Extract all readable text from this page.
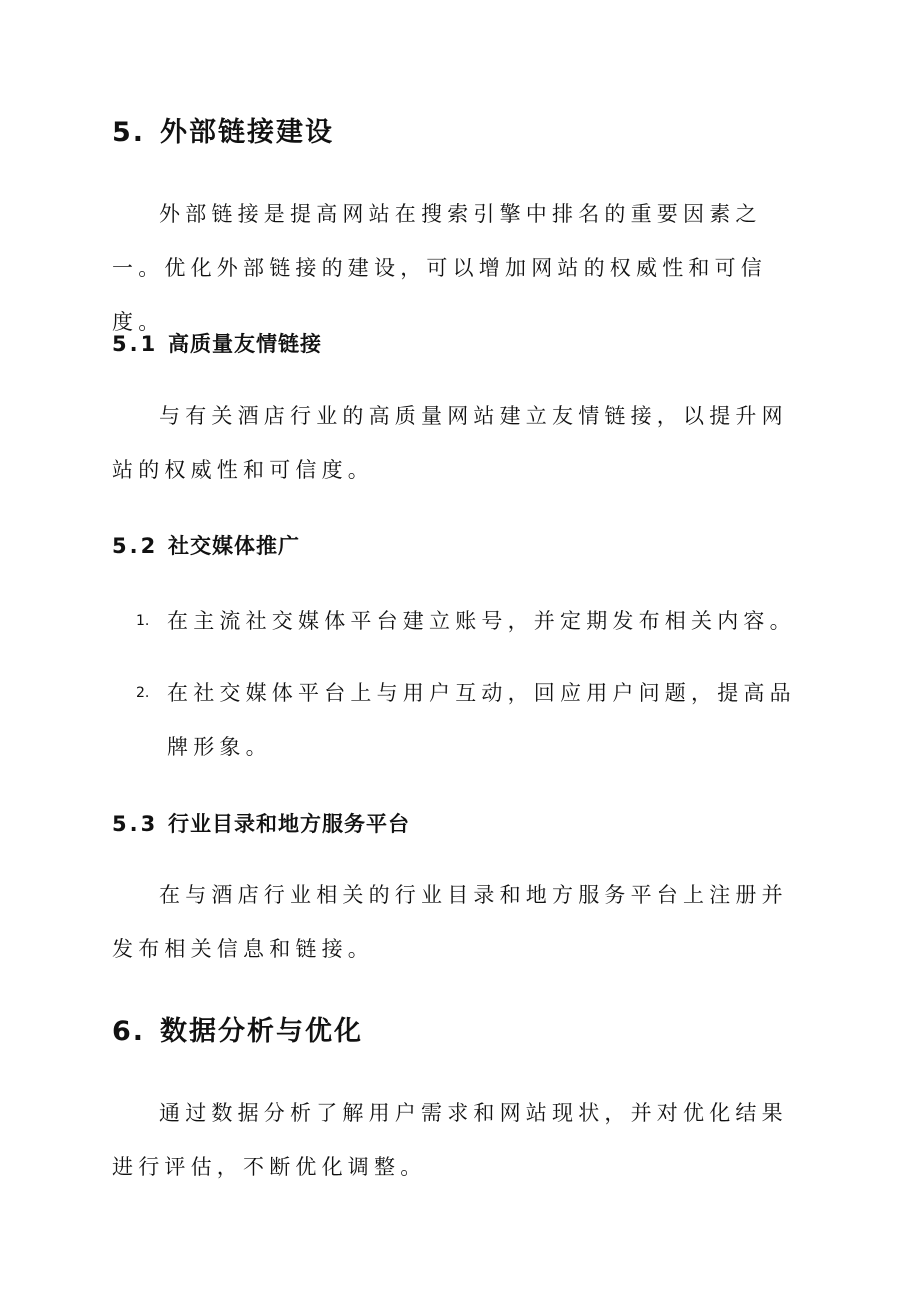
5. 外部链接建设

外部链接是提高网站在搜索引擎中排名的重要因素之一。优化外部链接的建设，可以增加网站的权威性和可信度。

5.1 高质量友情链接

与有关酒店行业的高质量网站建立友情链接，以提升网站的权威性和可信度。

5.2 社交媒体推广
1. 在主流社交媒体平台建立账号，并定期发布相关内容。
2. 在社交媒体平台上与用户互动，回应用户问题，提高品牌形象。
5.3 行业目录和地方服务平台

在与酒店行业相关的行业目录和地方服务平台上注册并发布相关信息和链接。

6. 数据分析与优化

通过数据分析了解用户需求和网站现状，并对优化结果进行评估，不断优化调整。
